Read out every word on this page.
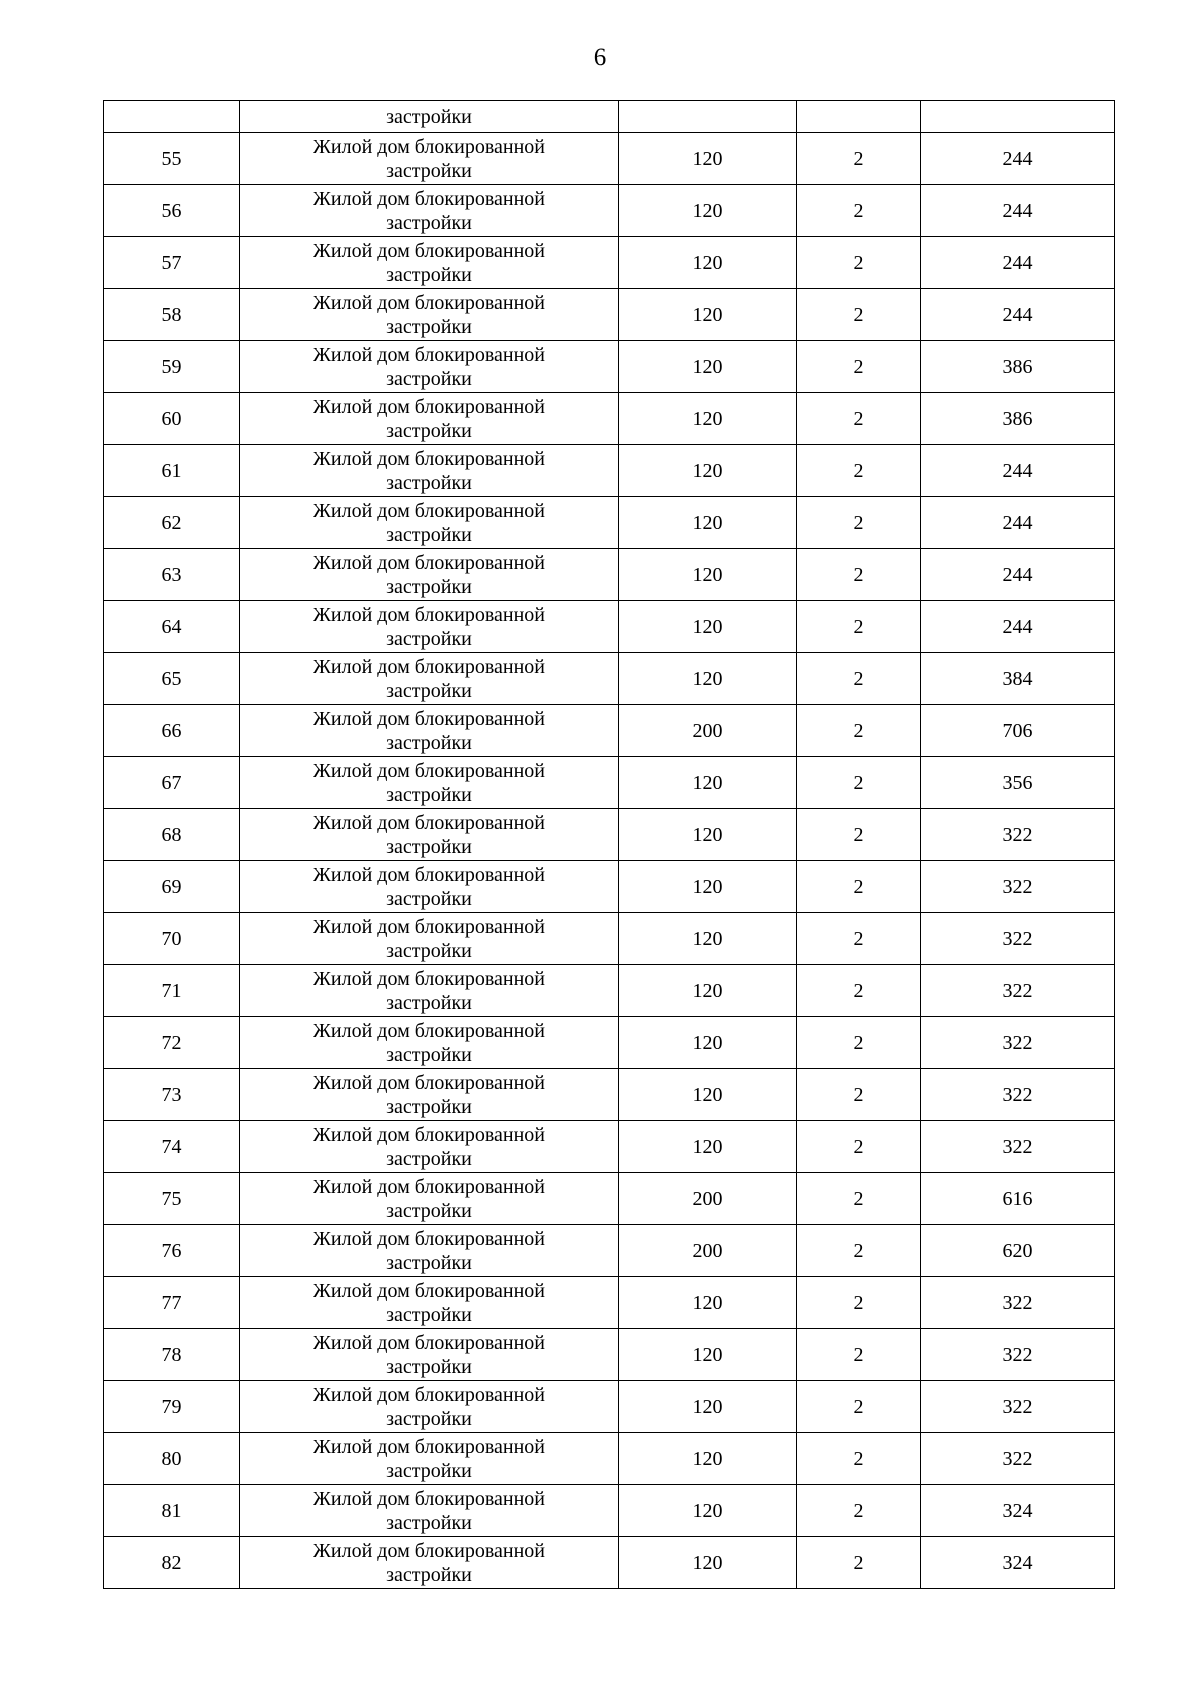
6
	застройки			
55	Жилой дом блокированной
застройки	120	2	244
56	Жилой дом блокированной
застройки	120	2	244
57	Жилой дом блокированной
застройки	120	2	244
58	Жилой дом блокированной
застройки	120	2	244
59	Жилой дом блокированной
застройки	120	2	386
60	Жилой дом блокированной
застройки	120	2	386
61	Жилой дом блокированной
застройки	120	2	244
62	Жилой дом блокированной
застройки	120	2	244
63	Жилой дом блокированной
застройки	120	2	244
64	Жилой дом блокированной
застройки	120	2	244
65	Жилой дом блокированной
застройки	120	2	384
66	Жилой дом блокированной
застройки	200	2	706
67	Жилой дом блокированной
застройки	120	2	356
68	Жилой дом блокированной
застройки	120	2	322
69	Жилой дом блокированной
застройки	120	2	322
70	Жилой дом блокированной
застройки	120	2	322
71	Жилой дом блокированной
застройки	120	2	322
72	Жилой дом блокированной
застройки	120	2	322
73	Жилой дом блокированной
застройки	120	2	322
74	Жилой дом блокированной
застройки	120	2	322
75	Жилой дом блокированной
застройки	200	2	616
76	Жилой дом блокированной
застройки	200	2	620
77	Жилой дом блокированной
застройки	120	2	322
78	Жилой дом блокированной
застройки	120	2	322
79	Жилой дом блокированной
застройки	120	2	322
80	Жилой дом блокированной
застройки	120	2	322
81	Жилой дом блокированной
застройки	120	2	324
82	Жилой дом блокированной
застройки	120	2	324
